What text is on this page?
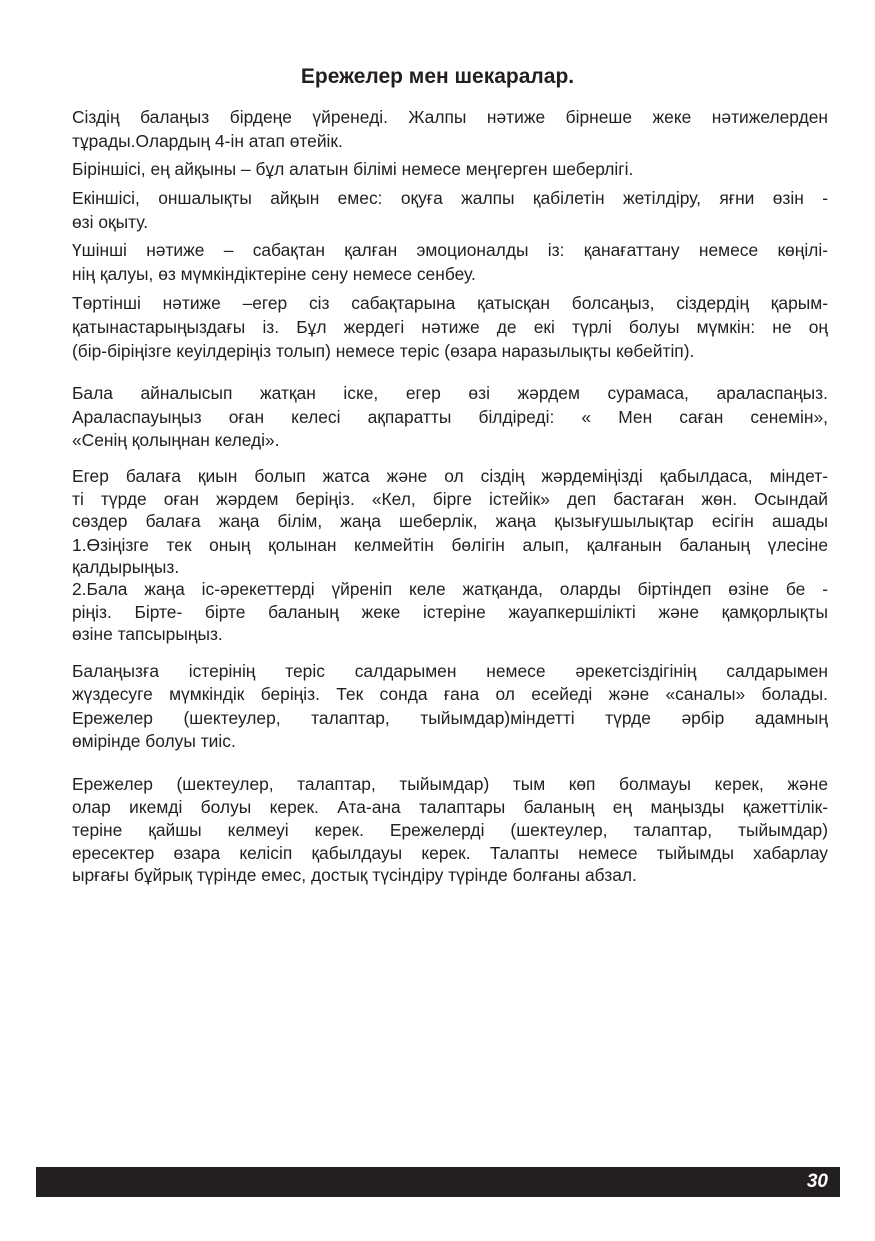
Ережелер мен шекаралар.
Сіздің балаңыз бірдеңе үйренеді. Жалпы нәтиже бірнеше жеке нәтижелерден
тұрады.Олардың 4-ін атап өтейік.
Біріншісі, ең айқыны – бұл алатын білімі немесе меңгерген шеберлігі.
Екіншісі, оншалықты айқын емес: оқуға жалпы қабілетін жетілдіру, яғни өзін -
өзі оқыту.
Үшінші нәтиже – сабақтан қалған эмоционалды із: қанағаттану немесе көңілі-
нің қалуы, өз мүмкіндіктеріне сену немесе сенбеу.
Төртінші нәтиже –егер сіз сабақтарына қатысқан болсаңыз, сіздердің қарым-
қатынастарыңыздағы із. Бұл жердегі нәтиже де екі түрлі болуы мүмкін: не оң
(бір-біріңізге кеуілдеріңіз толып) немесе теріс (өзара наразылықты көбейтіп).
Бала айналысып жатқан іске, егер өзі жәрдем сурамаса, араласпаңыз.
Араласпауыңыз оған келесі ақпаратты білдіреді: « Мен саған сенемін»,
«Сенің қолыңнан келеді».
Егер балаға қиын болып жатса және ол сіздің жәрдеміңізді қабылдаса, міндет-
ті түрде оған жәрдем беріңіз. «Кел, бірге істейік» деп бастаған жөн. Осындай
сөздер балаға жаңа білім, жаңа шеберлік, жаңа қызығушылықтар есігін ашады
1.Өзіңізге тек оның қолынан келмейтін бөлігін алып, қалғанын баланың үлесіне
қалдырыңыз.
2.Бала жаңа іс-әрекеттерді үйреніп келе жатқанда, оларды біртіндеп өзіне бе -
ріңіз. Бірте- бірте баланың жеке істеріне жауапкершілікті және қамқорлықты
өзіне тапсырыңыз.
Балаңызға істерінің теріс салдарымен немесе әрекетсіздігінің салдарымен
жүздесуге мүмкіндік беріңіз. Тек сонда ғана ол есейеді және «саналы» болады.
Ережелер (шектеулер, талаптар, тыйымдар)міндетті түрде әрбір адамның
өмірінде болуы тиіс.
Ережелер (шектеулер, талаптар, тыйымдар) тым көп болмауы керек, және
олар икемді болуы керек. Ата-ана талаптары баланың ең маңызды қажеттілік-
теріне қайшы келмеуі керек. Ережелерді (шектеулер, талаптар, тыйымдар)
ересектер өзара келісіп қабылдауы керек. Талапты немесе тыйымды хабарлау
ырғағы бұйрық түрінде емес, достық түсіндіру түрінде болғаны абзал.
30
